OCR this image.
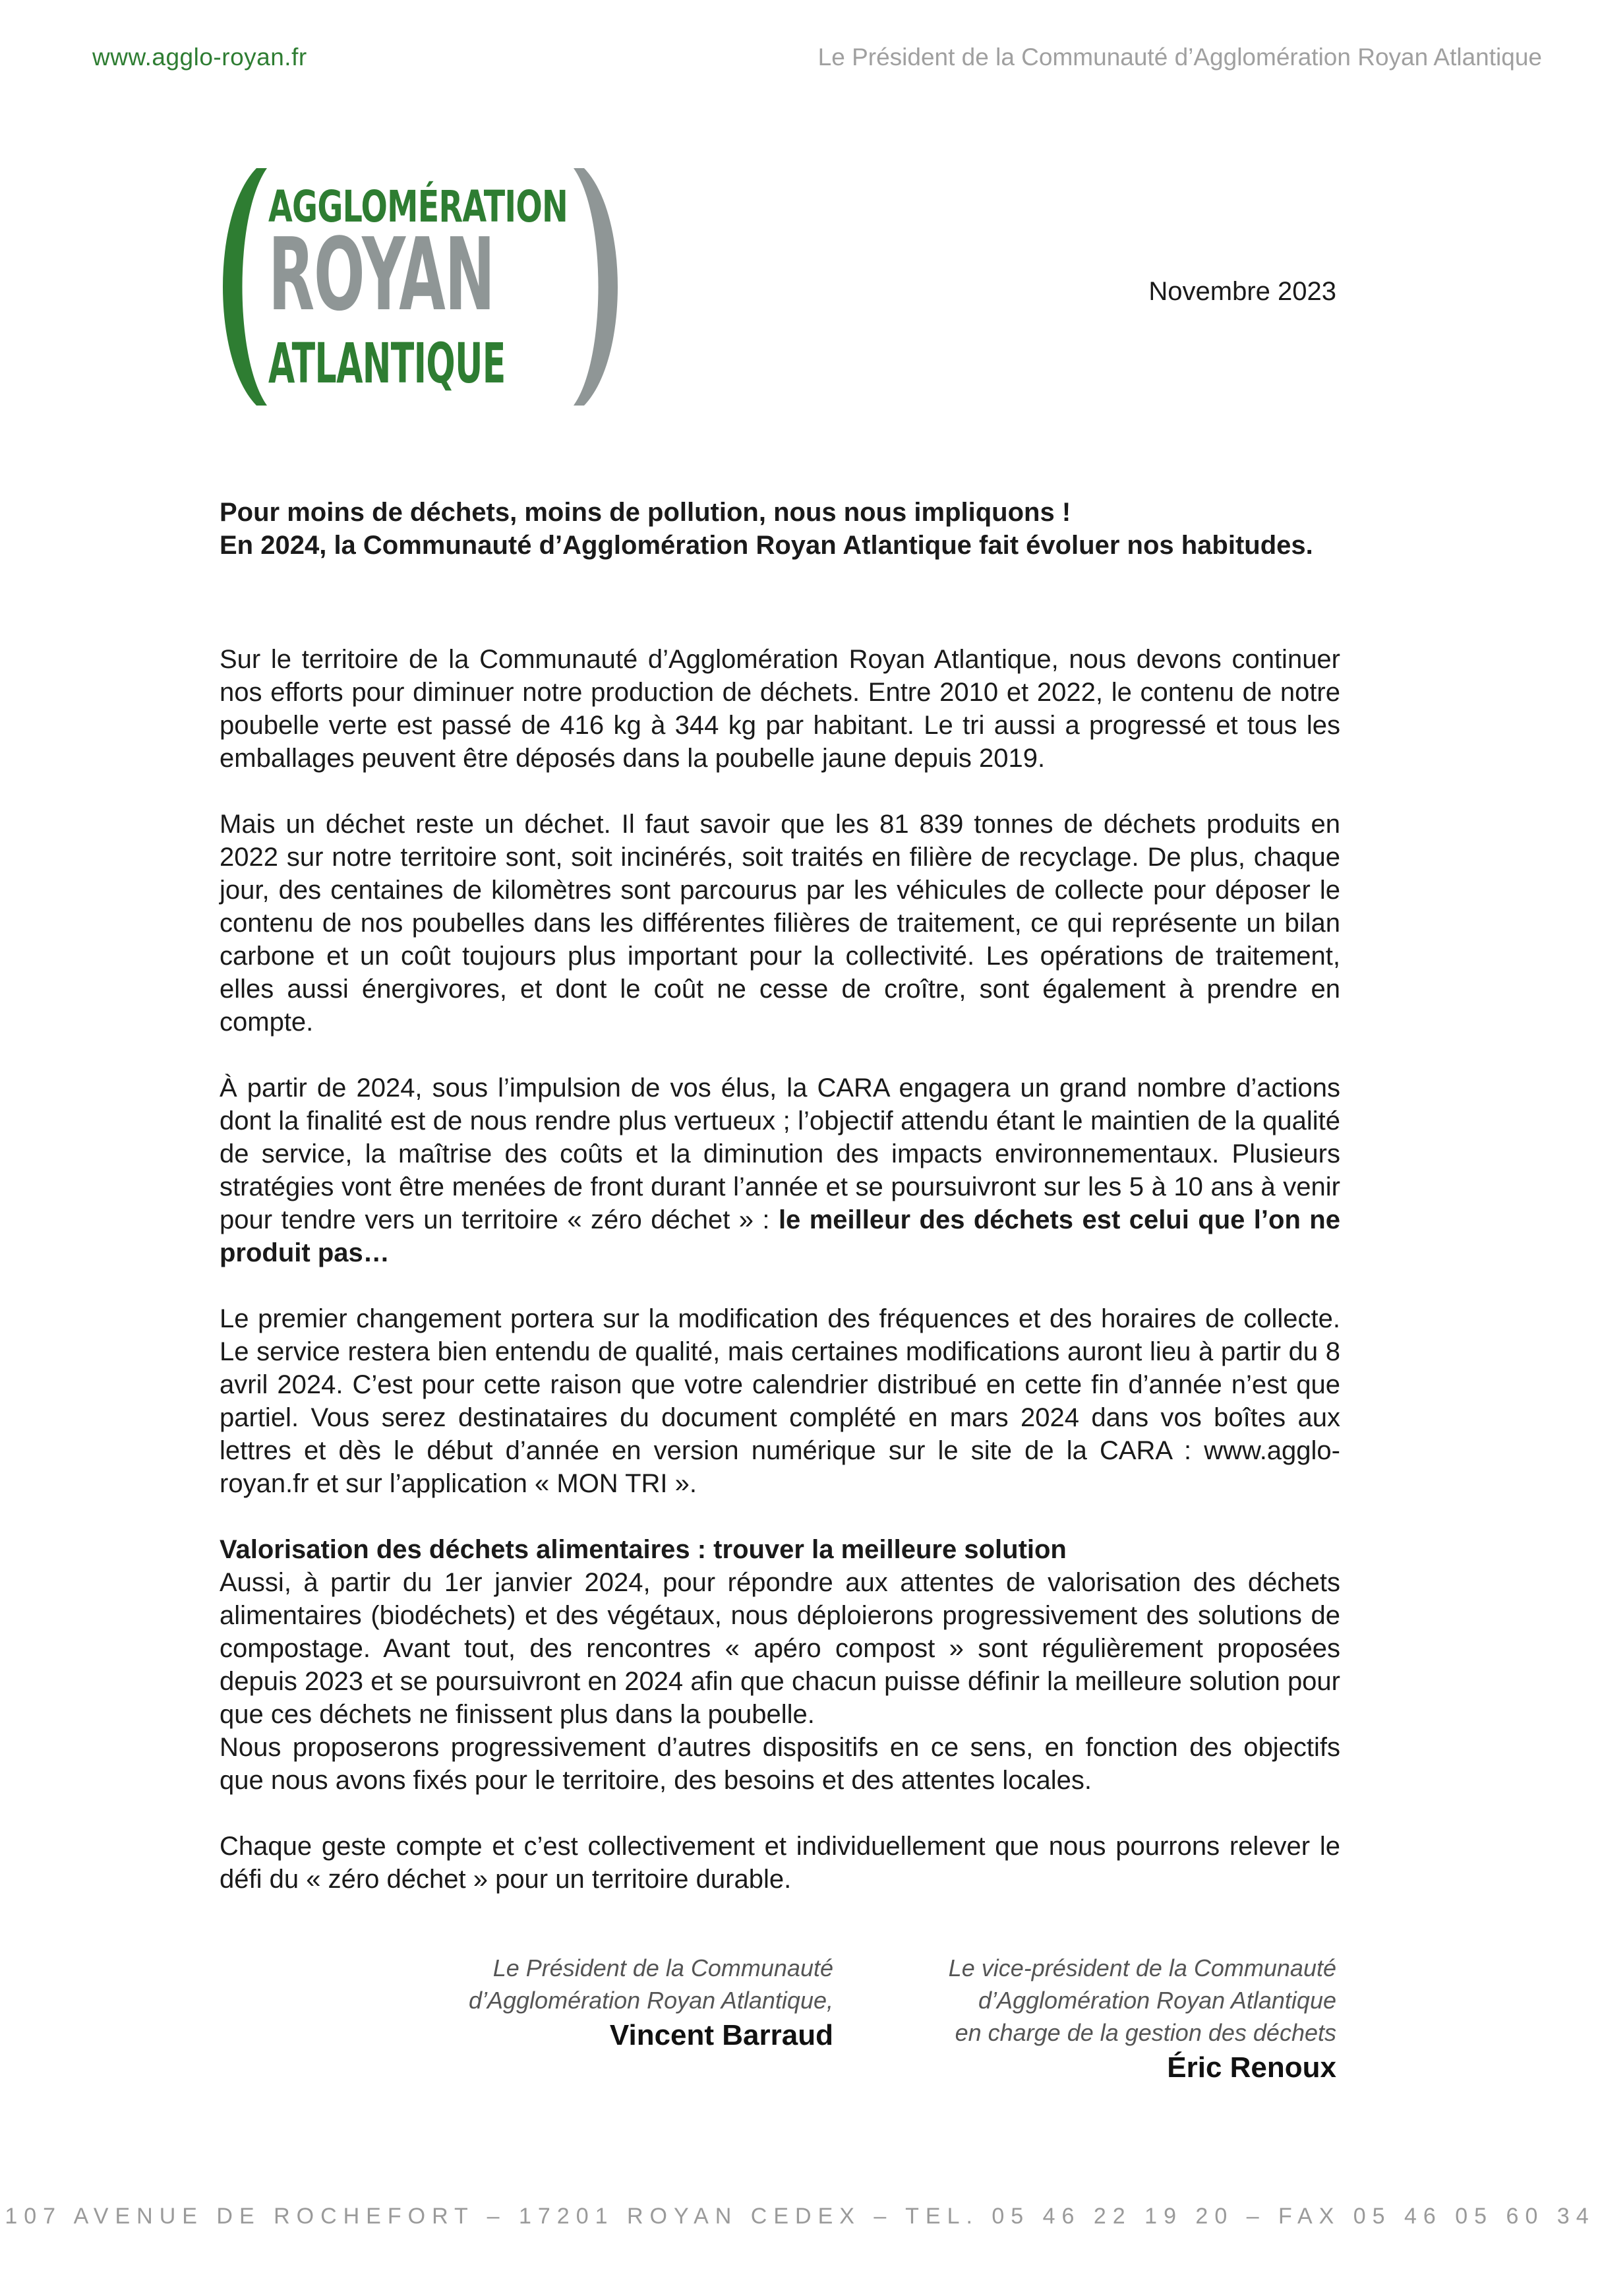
www.agglo-royan.fr	Le Président de la Communauté d’Agglomération Royan Atlantique
AGGLOMÉRATION
ROYAN
ATLANTIQUE
Novembre 2023

Pour moins de déchets, moins de pollution, nous nous impliquons !

En 2024, la Communauté d’Agglomération Royan Atlantique fait évoluer nos habitudes.

Sur le territoire de la Communauté d’Agglomération Royan Atlantique, nous devons continuer nos efforts pour diminuer notre production de déchets. Entre 2010 et 2022, le contenu de notre poubelle verte est passé de 416 kg à 344 kg par habitant. Le tri aussi a progressé et tous les emballages peuvent être déposés dans la poubelle jaune depuis 2019.

Mais un déchet reste un déchet. Il faut savoir que les 81 839 tonnes de déchets produits en 2022 sur notre territoire sont, soit incinérés, soit traités en filière de recyclage. De plus, chaque jour, des centaines de kilomètres sont parcourus par les véhicules de collecte pour déposer le contenu de nos poubelles dans les différentes filières de traitement, ce qui représente un bilan carbone et un coût toujours plus important pour la collectivité. Les opérations de traitement, elles aussi énergivores, et dont le coût ne cesse de croître, sont également à prendre en compte.

À partir de 2024, sous l’impulsion de vos élus, la CARA engagera un grand nombre d’actions dont la finalité est de nous rendre plus vertueux ; l’objectif attendu étant le maintien de la qualité de service, la maîtrise des coûts et la diminution des impacts environnementaux. Plusieurs stratégies vont être menées de front durant l’année et se poursuivront sur les 5 à 10 ans à venir pour tendre vers un territoire « zéro déchet » : le meilleur des déchets est celui que l’on ne produit pas…

Le premier changement portera sur la modification des fréquences et des horaires de collecte. Le service restera bien entendu de qualité, mais certaines modifications auront lieu à partir du 8 avril 2024. C’est pour cette raison que votre calendrier distribué en cette fin d’année n’est que partiel. Vous serez destinataires du document complété en mars 2024 dans vos boîtes aux lettres et dès le début d’année en version numérique sur le site de la CARA : www.agglo-royan.fr et sur l’application « MON TRI ».

Valorisation des déchets alimentaires : trouver la meilleure solution

Aussi, à partir du 1er janvier 2024, pour répondre aux attentes de valorisation des déchets alimentaires (biodéchets) et des végétaux, nous déploierons progressivement des solutions de compostage. Avant tout, des rencontres « apéro compost » sont régulièrement proposées depuis 2023 et se poursuivront en 2024 afin que chacun puisse définir la meilleure solution pour que ces déchets ne finissent plus dans la poubelle.

Nous proposerons progressivement d’autres dispositifs en ce sens, en fonction des objectifs que nous avons fixés pour le territoire, des besoins et des attentes locales.

Chaque geste compte et c’est collectivement et individuellement que nous pourrons relever le défi du « zéro déchet » pour un territoire durable.

Le Président de la Communauté
d’Agglomération Royan Atlantique,
Vincent Barraud
Le vice-président de la Communauté
d’Agglomération Royan Atlantique
en charge de la gestion des déchets
Éric Renoux
107 AVENUE DE ROCHEFORT – 17201 ROYAN CEDEX – TEL. 05 46 22 19 20 – FAX 05 46 05 60 34
